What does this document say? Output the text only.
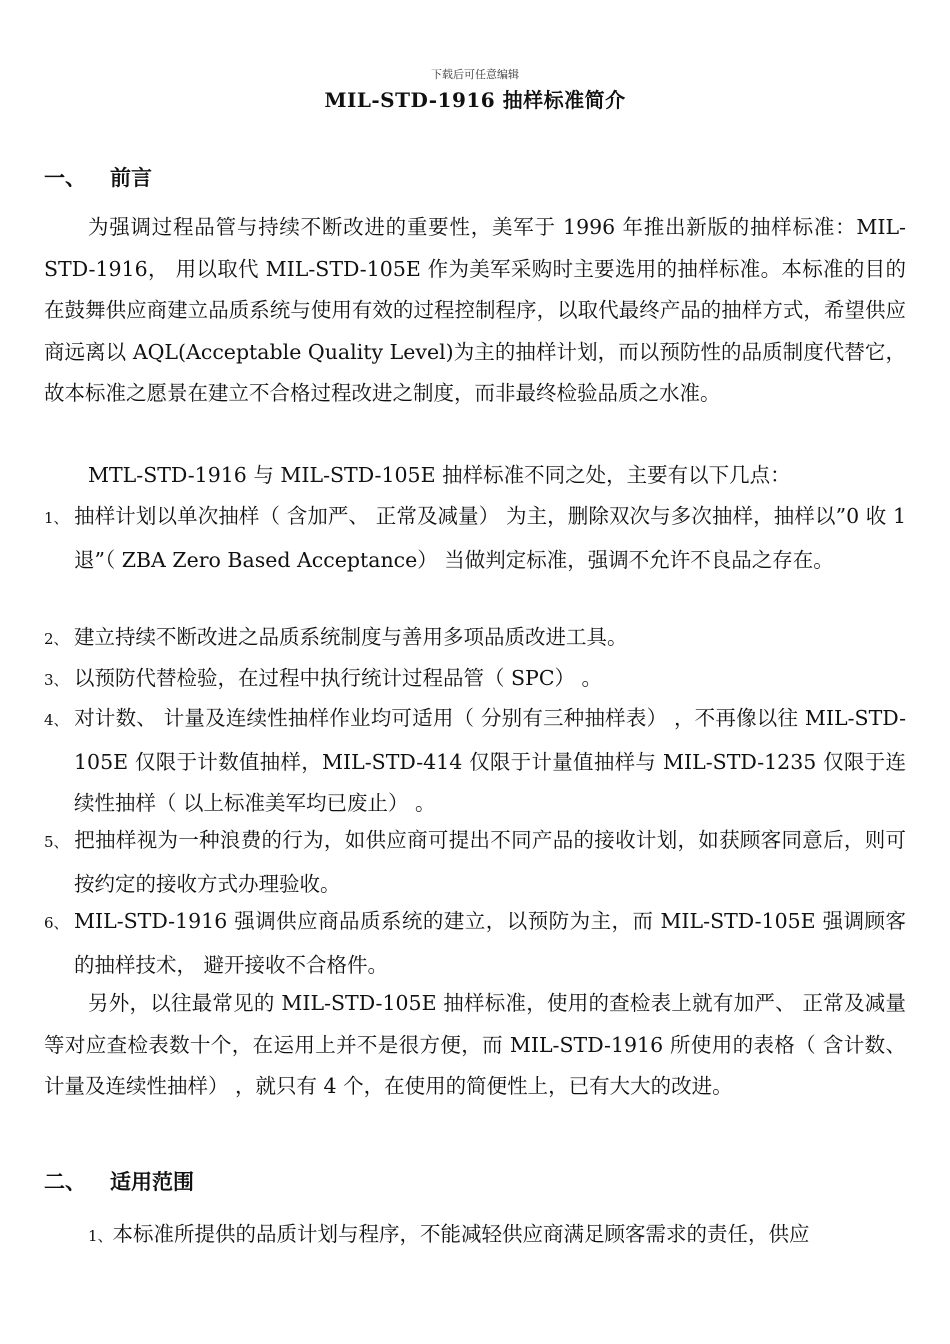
下载后可任意编辑
MIL-STD-1916 抽样标准简介
一、 前言
为强调过程品管与持续不断改进的重要性，美军于 1996 年推出新版的抽样标准：MIL-STD-1916， 用以取代 MIL-STD-105E 作为美军采购时主要选用的抽样标准。本标准的目的在鼓舞供应商建立品质系统与使用有效的过程控制程序，以取代最终产品的抽样方式，希望供应商远离以 AQL(Acceptable Quality Level)为主的抽样计划，而以预防性的品质制度代替它，故本标准之愿景在建立不合格过程改进之制度，而非最终检验品质之水准。
MTL-STD-1916 与 MIL-STD-105E 抽样标准不同之处，主要有以下几点：
1、 抽样计划以单次抽样（ 含加严、 正常及减量） 为主，删除双次与多次抽样，抽样以”0 收 1 退”（ ZBA Zero Based Acceptance） 当做判定标准，强调不允许不良品之存在。
2、 建立持续不断改进之品质系统制度与善用多项品质改进工具。
3、 以预防代替检验，在过程中执行统计过程品管（ SPC） 。
4、 对计数、 计量及连续性抽样作业均可适用（ 分别有三种抽样表） ，不再像以往 MIL-STD-105E 仅限于计数值抽样，MIL-STD-414 仅限于计量值抽样与 MIL-STD-1235 仅限于连续性抽样（ 以上标准美军均已废止） 。
5、 把抽样视为一种浪费的行为，如供应商可提出不同产品的接收计划，如获顾客同意后，则可按约定的接收方式办理验收。
6、 MIL-STD-1916 强调供应商品质系统的建立，以预防为主，而 MIL-STD-105E 强调顾客的抽样技术， 避开接收不合格件。
另外，以往最常见的 MIL-STD-105E 抽样标准，使用的查检表上就有加严、 正常及减量等对应查检表数十个，在运用上并不是很方便，而 MIL-STD-1916 所使用的表格（ 含计数、 计量及连续性抽样） ，就只有 4 个，在使用的简便性上，已有大大的改进。
二、 适用范围
1、本标准所提供的品质计划与程序，不能减轻供应商满足顾客需求的责任，供应
